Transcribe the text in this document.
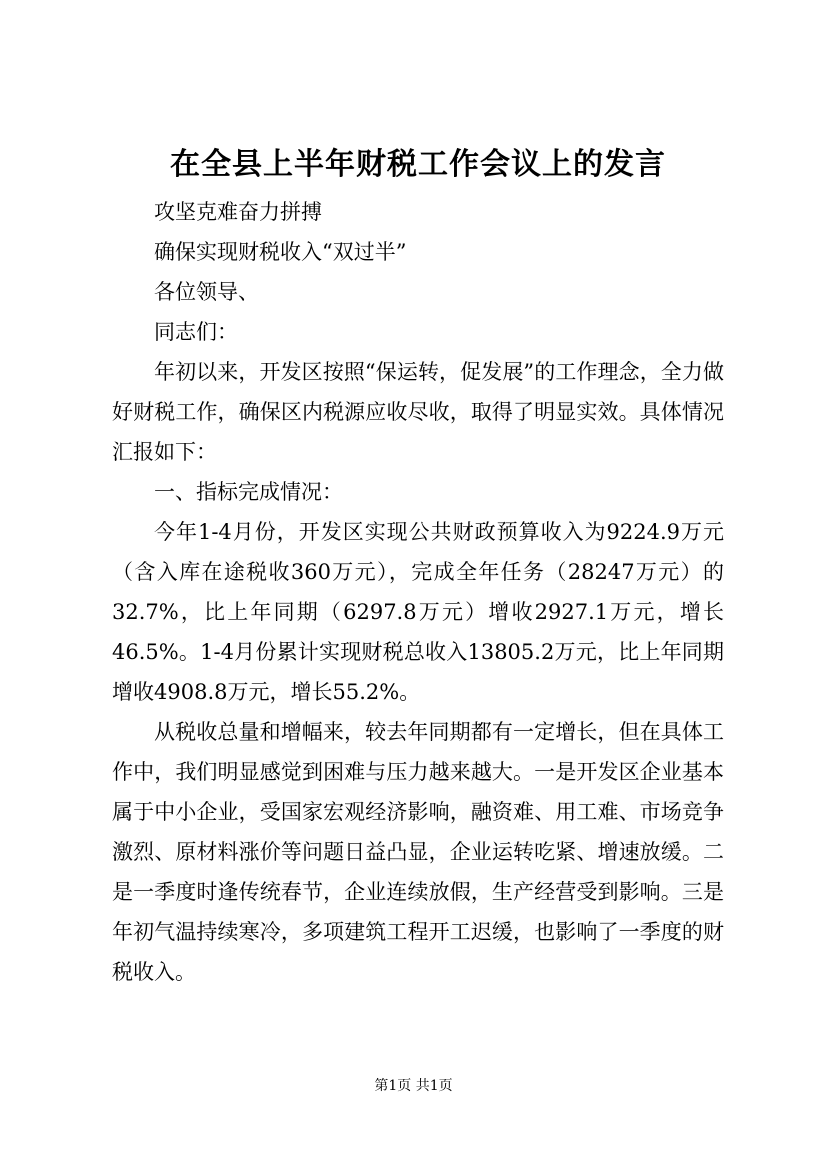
在全县上半年财税工作会议上的发言

攻坚克难奋力拼搏

确保实现财税收入“双过半”

各位领导、

同志们：

年初以来，开发区按照“保运转，促发展”的工作理念，全力做好财税工作，确保区内税源应收尽收，取得了明显实效。具体情况汇报如下：

一、指标完成情况：

今年1-4月份，开发区实现公共财政预算收入为9224.9万元（含入库在途税收360万元），完成全年任务（28247万元）的32.7%，比上年同期（6297.8万元）增收2927.1万元，增长46.5%。1-4月份累计实现财税总收入13805.2万元，比上年同期增收4908.8万元，增长55.2%。

从税收总量和增幅来，较去年同期都有一定增长，但在具体工作中，我们明显感觉到困难与压力越来越大。一是开发区企业基本属于中小企业，受国家宏观经济影响，融资难、用工难、市场竞争激烈、原材料涨价等问题日益凸显，企业运转吃紧、增速放缓。二是一季度时逢传统春节，企业连续放假，生产经营受到影响。三是年初气温持续寒冷，多项建筑工程开工迟缓，也影响了一季度的财税收入。

第1页 共1页
